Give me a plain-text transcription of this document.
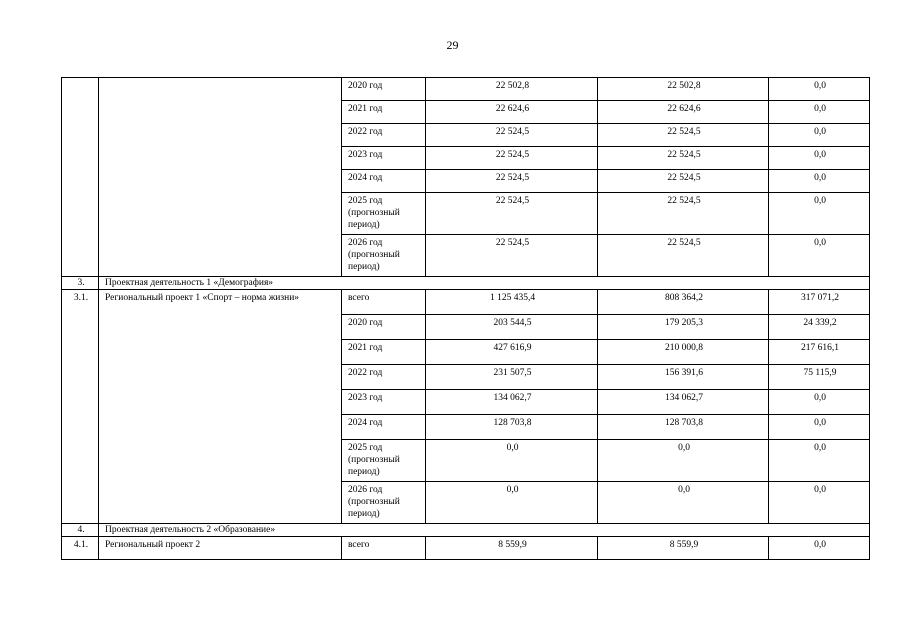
29
		2020 год	22 502,8	22 502,8	0,0
		2021 год	22 624,6	22 624,6	0,0
		2022 год	22 524,5	22 524,5	0,0
		2023 год	22 524,5	22 524,5	0,0
		2024 год	22 524,5	22 524,5	0,0
		2025 год (прогнозный период)	22 524,5	22 524,5	0,0
		2026 год (прогнозный период)	22 524,5	22 524,5	0,0
3.	Проектная деятельность 1 «Демография»				
3.1.	Региональный проект 1 «Спорт – норма жизни»	всего	1 125 435,4	808 364,2	317 071,2
		2020 год	203 544,5	179 205,3	24 339,2
		2021 год	427 616,9	210 000,8	217 616,1
		2022 год	231 507,5	156 391,6	75 115,9
		2023 год	134 062,7	134 062,7	0,0
		2024 год	128 703,8	128 703,8	0,0
		2025 год (прогнозный период)	0,0	0,0	0,0
		2026 год (прогнозный период)	0,0	0,0	0,0
4.	Проектная деятельность 2 «Образование»				
4.1.	Региональный проект 2	всего	8 559,9	8 559,9	0,0
